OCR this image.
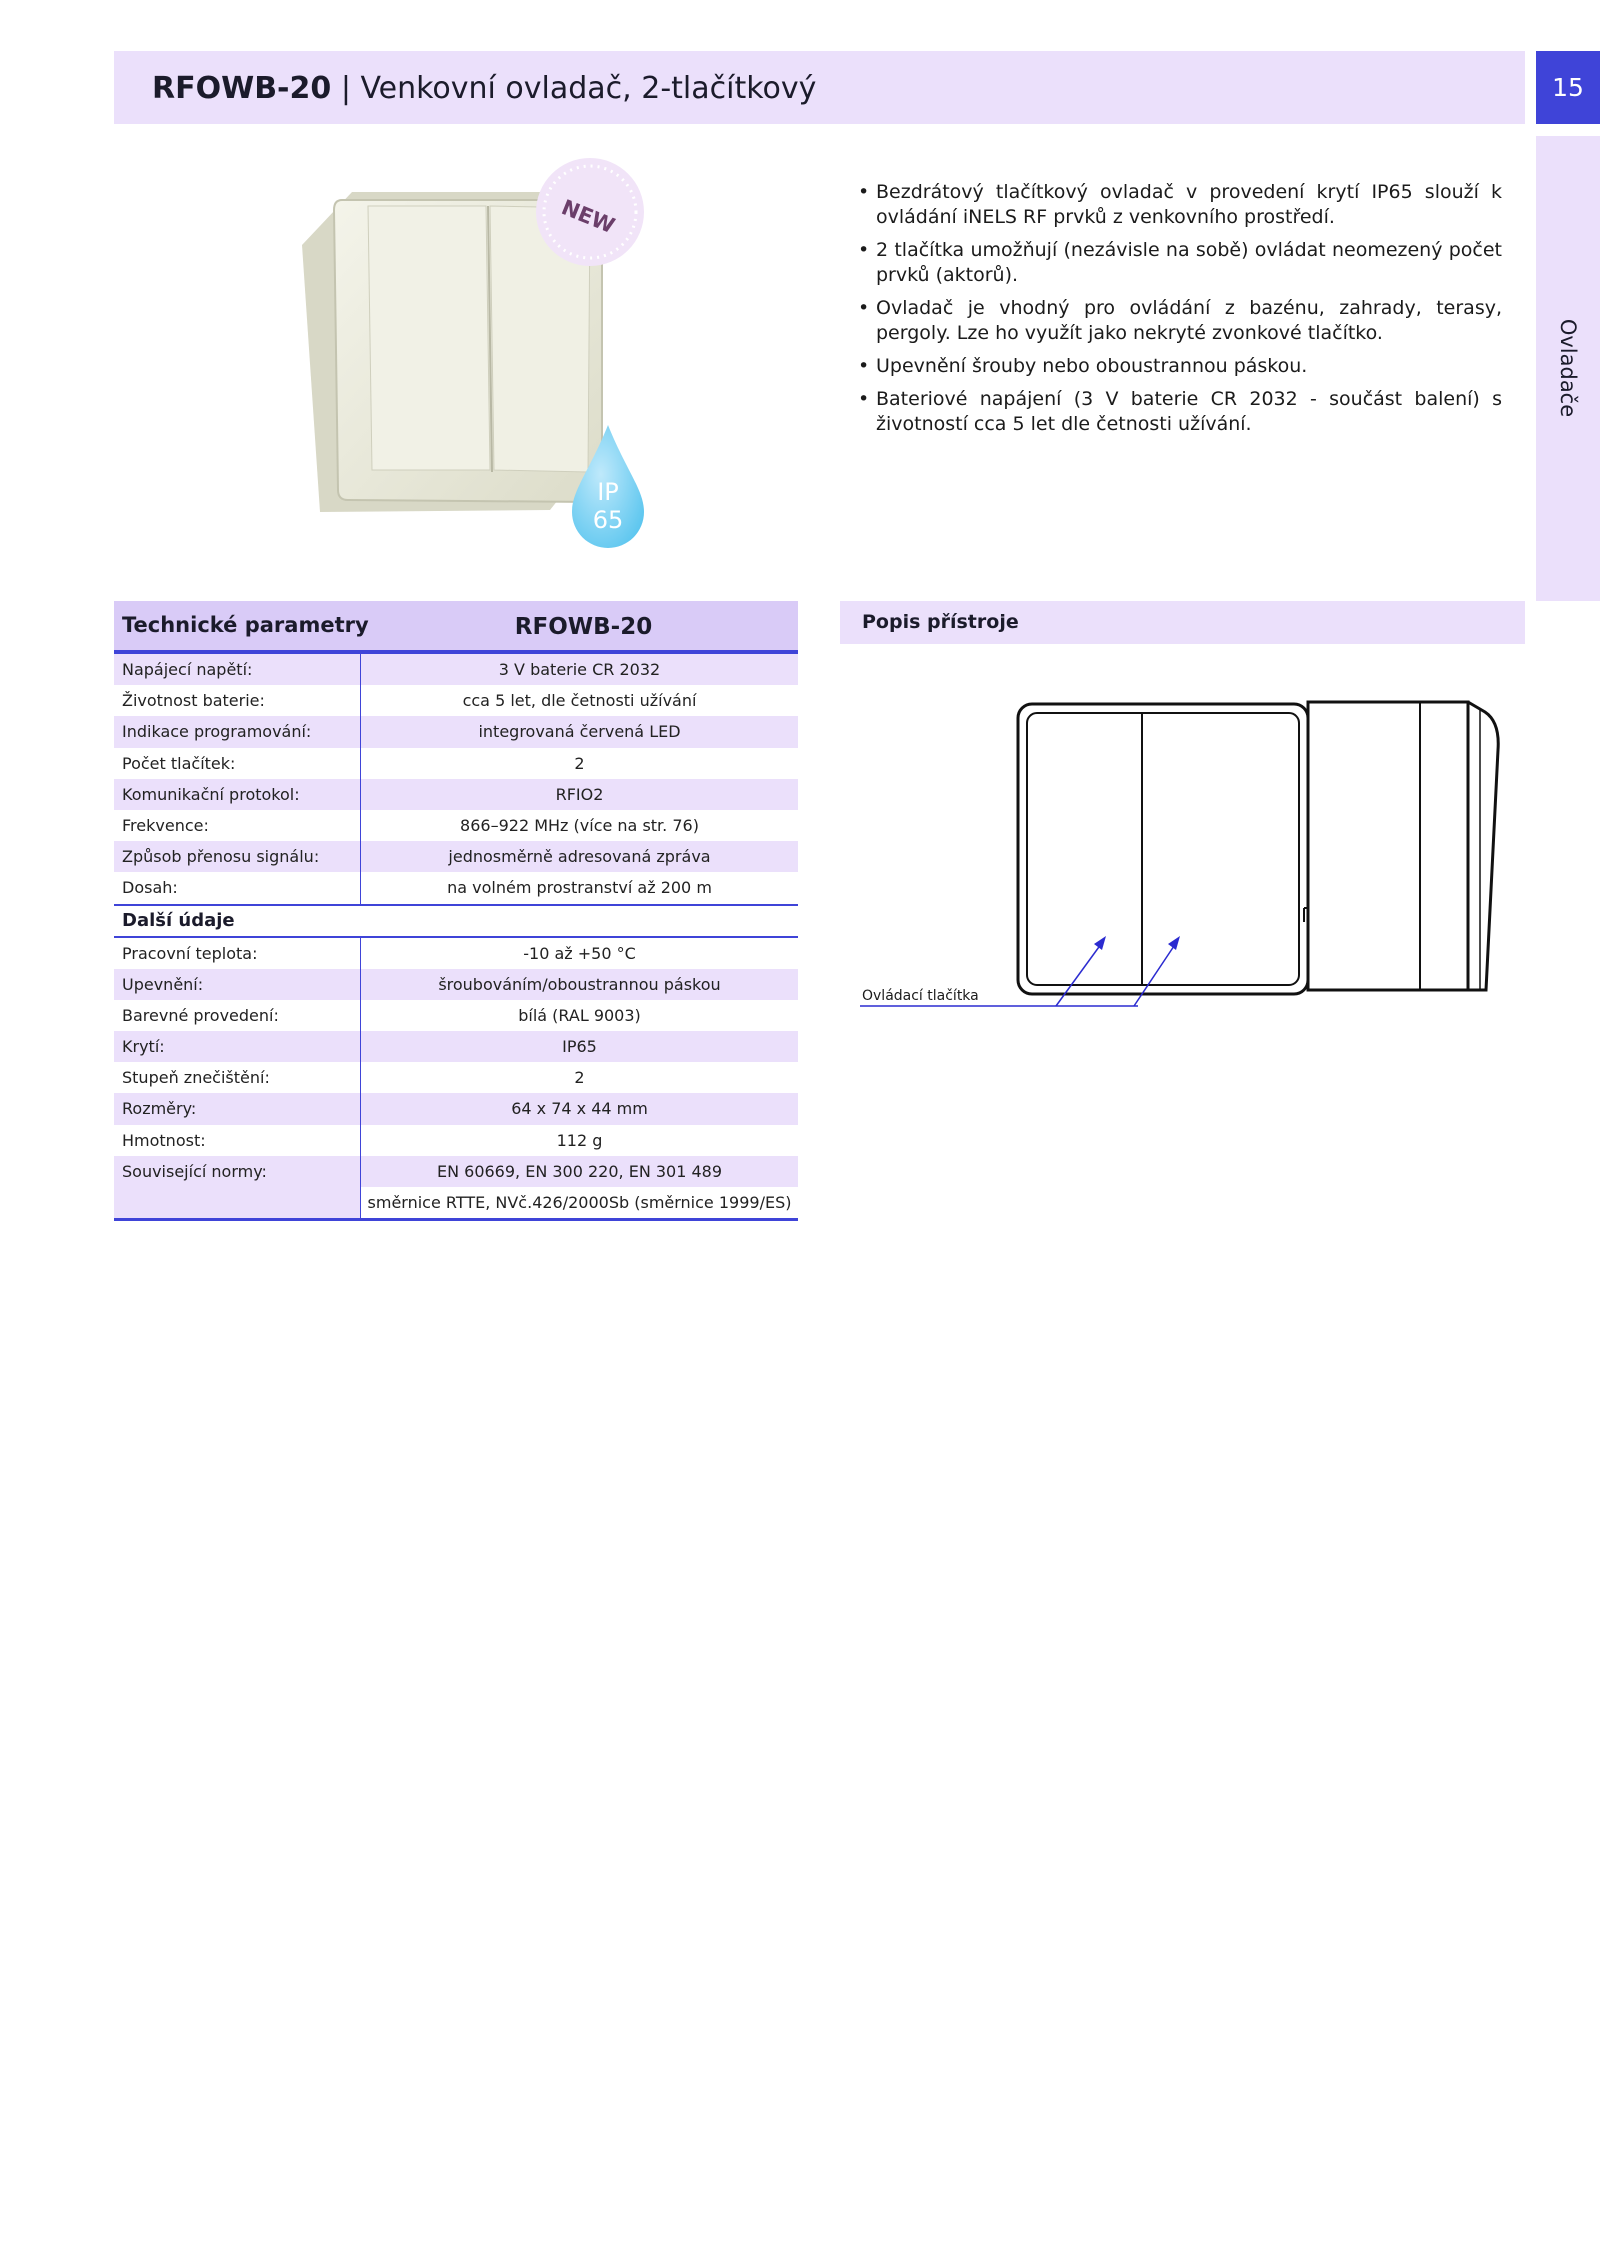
RFOWB-20 | Venkovní ovladač, 2-tlačítkový	15
Ovladače
NEW
IP
65
• Bezdrátový tlačítkový ovladač v provedení krytí IP65 slouží k ovládání iNELS RF prvků z venkovního prostředí.
• 2 tlačítka umožňují (nezávisle na sobě) ovládat neomezený počet prvků (aktorů).
• Ovladač je vhodný pro ovládání z bazénu, zahrady, terasy, pergoly. Lze ho využít jako nekryté zvonkové tlačítko.
• Upevnění šrouby nebo oboustrannou páskou.
• Bateriové napájení (3 V baterie CR 2032 - součást balení) s životností cca 5 let dle četnosti užívání.
Technické parametry	RFOWB-20
Napájecí napětí:	3 V baterie CR 2032
Životnost baterie:	cca 5 let, dle četnosti užívání
Indikace programování:	integrovaná červená LED
Počet tlačítek:	2
Komunikační protokol:	RFIO2
Frekvence:	866–922 MHz (více na str. 76)
Způsob přenosu signálu:	jednosměrně adresovaná zpráva
Dosah:	na volném prostranství až 200 m
Další údaje
Pracovní teplota:	-10 až +50 °C
Upevnění:	šroubováním/oboustrannou páskou
Barevné provedení:	bílá (RAL 9003)
Krytí:	IP65
Stupeň znečištění:	2
Rozměry:	64 x 74 x 44 mm
Hmotnost:	112 g
Související normy:	EN 60669, EN 300 220, EN 301 489
směrnice RTTE, NVč.426/2000Sb (směrnice 1999/ES)
Popis přístroje
Ovládací tlačítka
